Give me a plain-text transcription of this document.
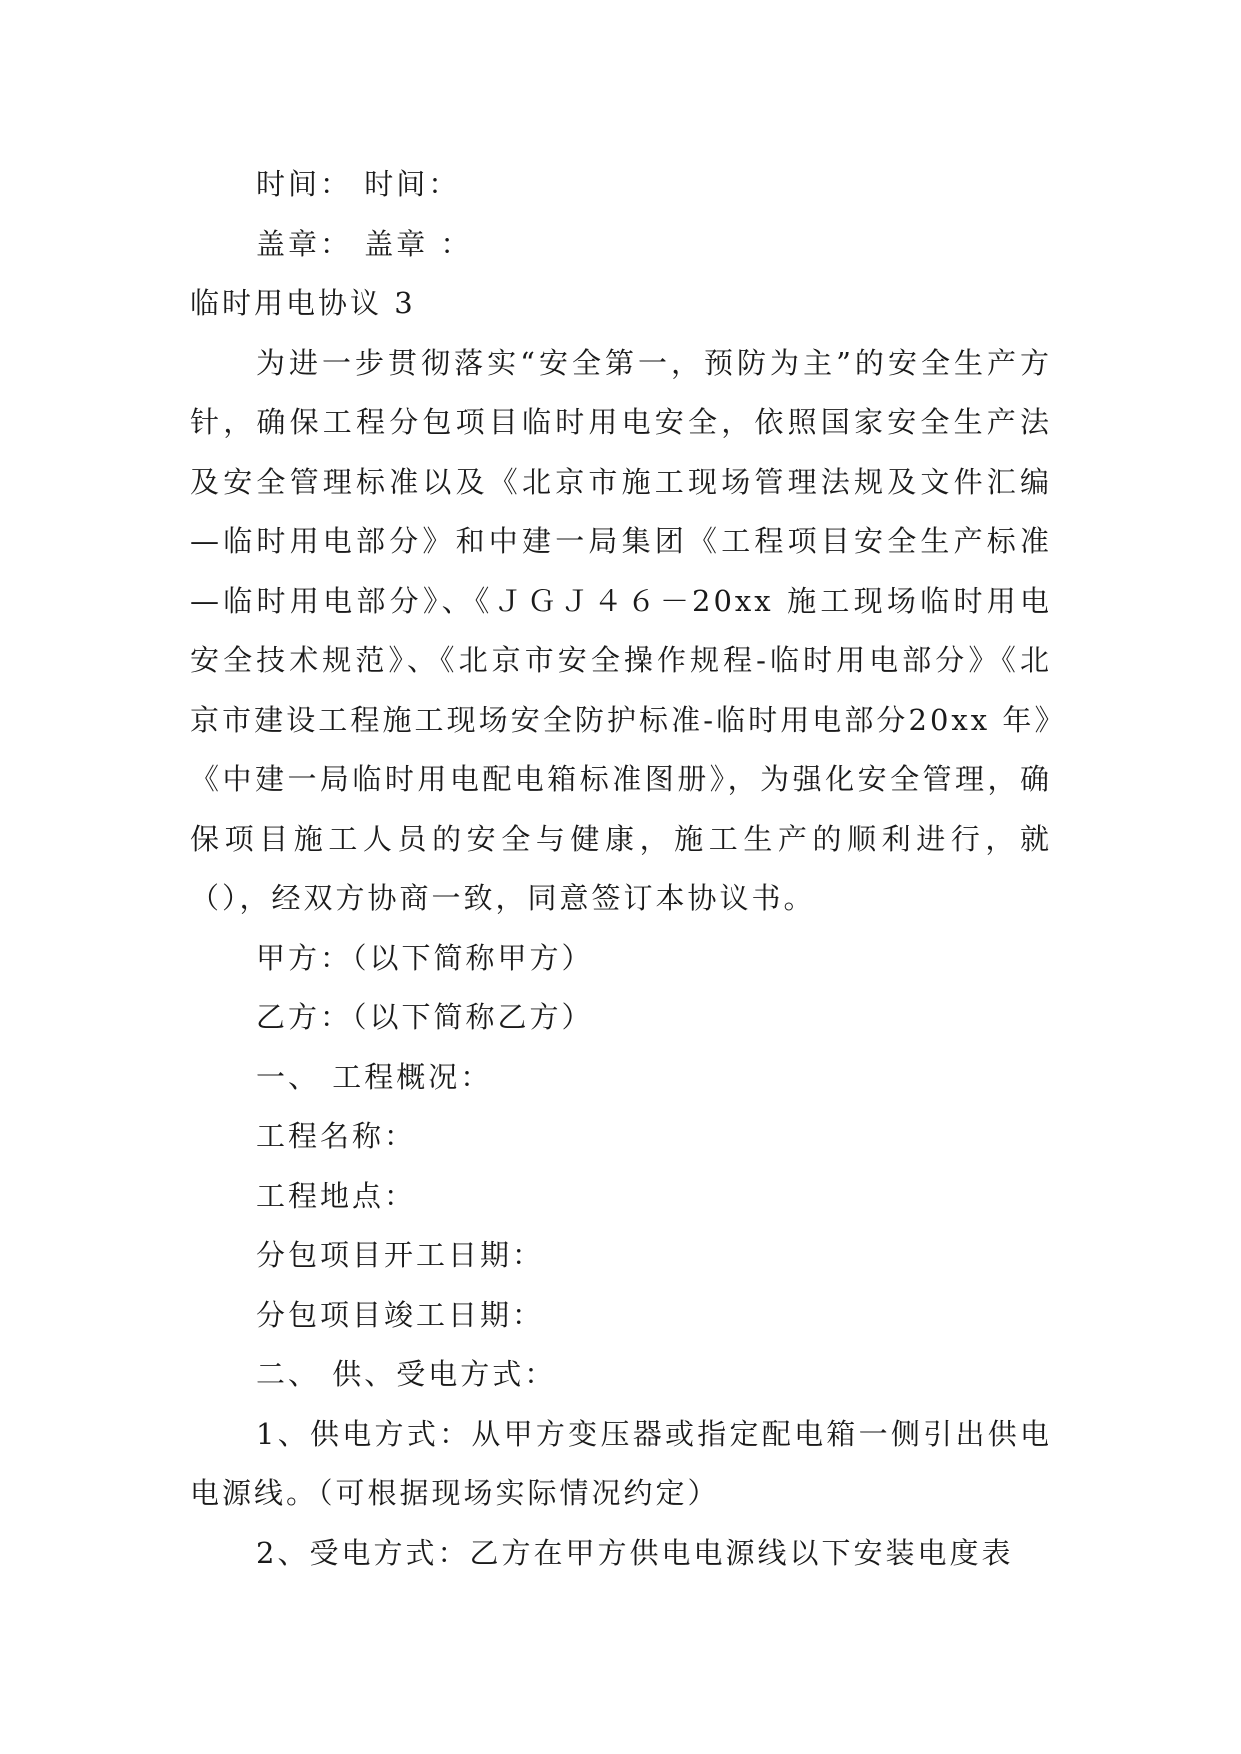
时间： 时间：
盖章： 盖章 ：
临时用电协议 3
为进一步贯彻落实“安全第一，预防为主”的安全生产方针，确保工程分包项目临时用电安全，依照国家安全生产法及安全管理标准以及《北京市施工现场管理法规及文件汇编—临时用电部分》和中建一局集团《工程项目安全生产标准—临时用电部分》、《ＪＧＪ４６－20xx 施工现场临时用电安全技术规范》、《北京市安全操作规程-临时用电部分》《北京市建设工程施工现场安全防护标准-临时用电部分20xx 年》《中建一局临时用电配电箱标准图册》，为强化安全管理，确保项目施工人员的安全与健康，施工生产的顺利进行，就（），经双方协商一致，同意签订本协议书。
甲方：（以下简称甲方）
乙方：（以下简称乙方）
一、 工程概况：
工程名称：
工程地点：
分包项目开工日期：
分包项目竣工日期：
二、 供、受电方式：
1、供电方式：从甲方变压器或指定配电箱一侧引出供电电源线。（可根据现场实际情况约定）
2、受电方式：乙方在甲方供电电源线以下安装电度表
